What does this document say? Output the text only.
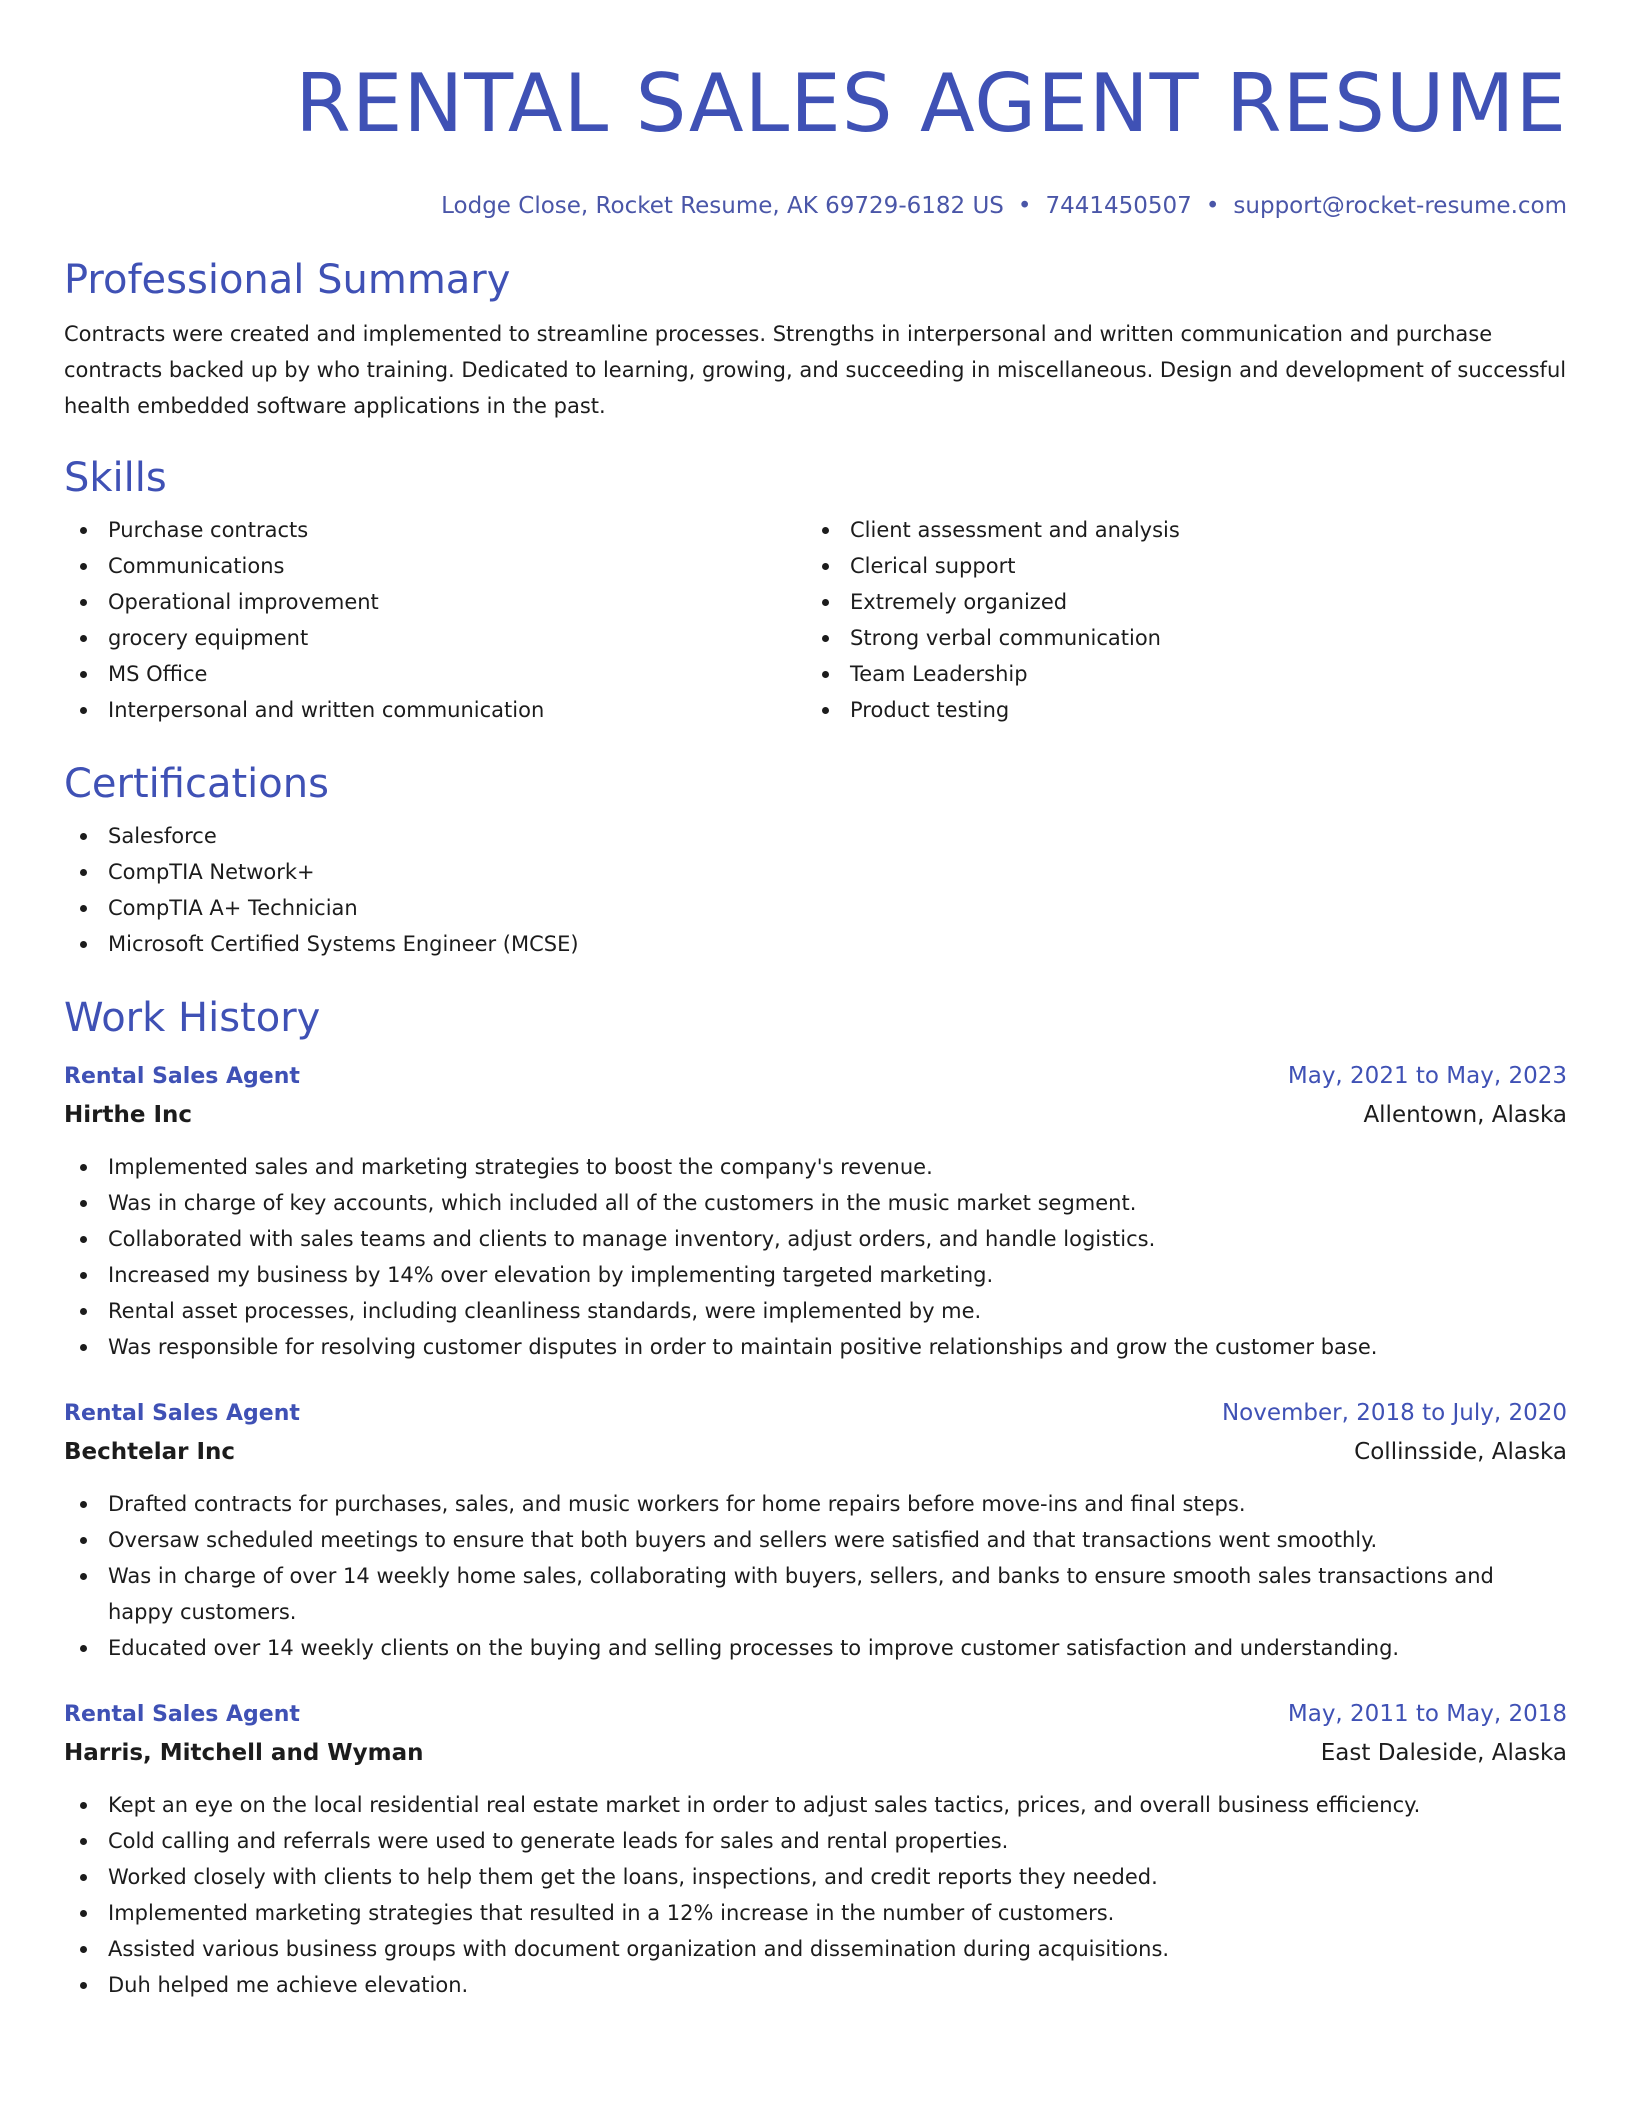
RENTAL SALES AGENT RESUME
Lodge Close, Rocket Resume, AK 69729-6182 US • 7441450507 • support@rocket-resume.com
Professional Summary

Contracts were created and implemented to streamline processes. Strengths in interpersonal and written communication and purchase contracts backed up by who training. Dedicated to learning, growing, and succeeding in miscellaneous. Design and development of successful health embedded software applications in the past.

Skills
Purchase contracts
Communications
Operational improvement
grocery equipment
MS Office
Interpersonal and written communication
Client assessment and analysis
Clerical support
Extremely organized
Strong verbal communication
Team Leadership
Product testing
Certifications
Salesforce
CompTIA Network+
CompTIA A+ Technician
Microsoft Certified Systems Engineer (MCSE)
Work History
Rental Sales Agent	May, 2021 to May, 2023
Hirthe Inc	Allentown, Alaska
Implemented sales and marketing strategies to boost the company's revenue.
Was in charge of key accounts, which included all of the customers in the music market segment.
Collaborated with sales teams and clients to manage inventory, adjust orders, and handle logistics.
Increased my business by 14% over elevation by implementing targeted marketing.
Rental asset processes, including cleanliness standards, were implemented by me.
Was responsible for resolving customer disputes in order to maintain positive relationships and grow the customer base.
Rental Sales Agent	November, 2018 to July, 2020
Bechtelar Inc	Collinsside, Alaska
Drafted contracts for purchases, sales, and music workers for home repairs before move-ins and final steps.
Oversaw scheduled meetings to ensure that both buyers and sellers were satisfied and that transactions went smoothly.
Was in charge of over 14 weekly home sales, collaborating with buyers, sellers, and banks to ensure smooth sales transactions and happy customers.
Educated over 14 weekly clients on the buying and selling processes to improve customer satisfaction and understanding.
Rental Sales Agent	May, 2011 to May, 2018
Harris, Mitchell and Wyman	East Daleside, Alaska
Kept an eye on the local residential real estate market in order to adjust sales tactics, prices, and overall business efficiency.
Cold calling and referrals were used to generate leads for sales and rental properties.
Worked closely with clients to help them get the loans, inspections, and credit reports they needed.
Implemented marketing strategies that resulted in a 12% increase in the number of customers.
Assisted various business groups with document organization and dissemination during acquisitions.
Duh helped me achieve elevation.
